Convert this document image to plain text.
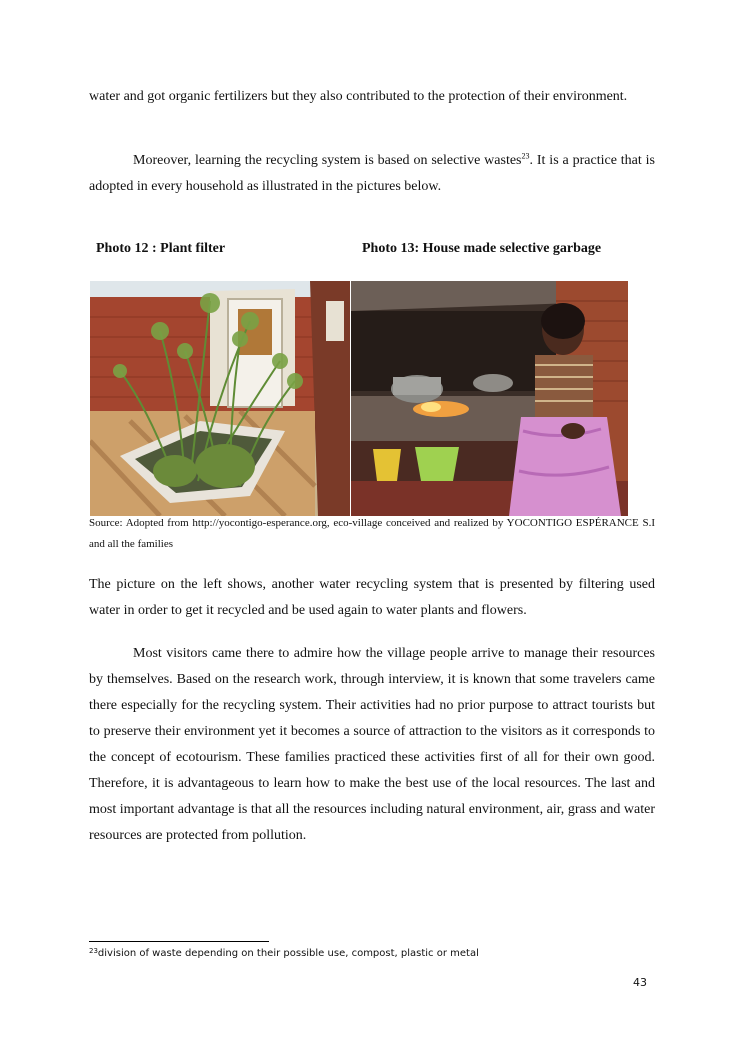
water and got organic fertilizers but they also contributed to the protection of their environment.
Moreover, learning the recycling system is based on selective wastes$^{23}$. It is a practice that is adopted in every household as illustrated in the pictures below.
Photo 12 : Plant filter	Photo 13: House made selective garbage
Source: Adopted from http://yocontigo-esperance.org, eco-village conceived and realized by YOCONTIGO ESPÉRANCE S.I and all the families
The picture on the left shows, another water recycling system that is presented by filtering used water in order to get it recycled and be used again to water plants and flowers.
Most visitors came there to admire how the village people arrive to manage their resources by themselves. Based on the research work, through interview, it is known that some travelers came there especially for the recycling system. Their activities had no prior purpose to attract tourists but to preserve their environment yet it becomes a source of attraction to the visitors as it corresponds to the concept of ecotourism. These families practiced these activities first of all for their own good. Therefore, it is advantageous to learn how to make the best use of the local resources. The last and most important advantage is that all the resources including natural environment, air, grass and water resources are protected from pollution.
$^{23}$division of waste depending on their possible use, compost, plastic or metal
43
